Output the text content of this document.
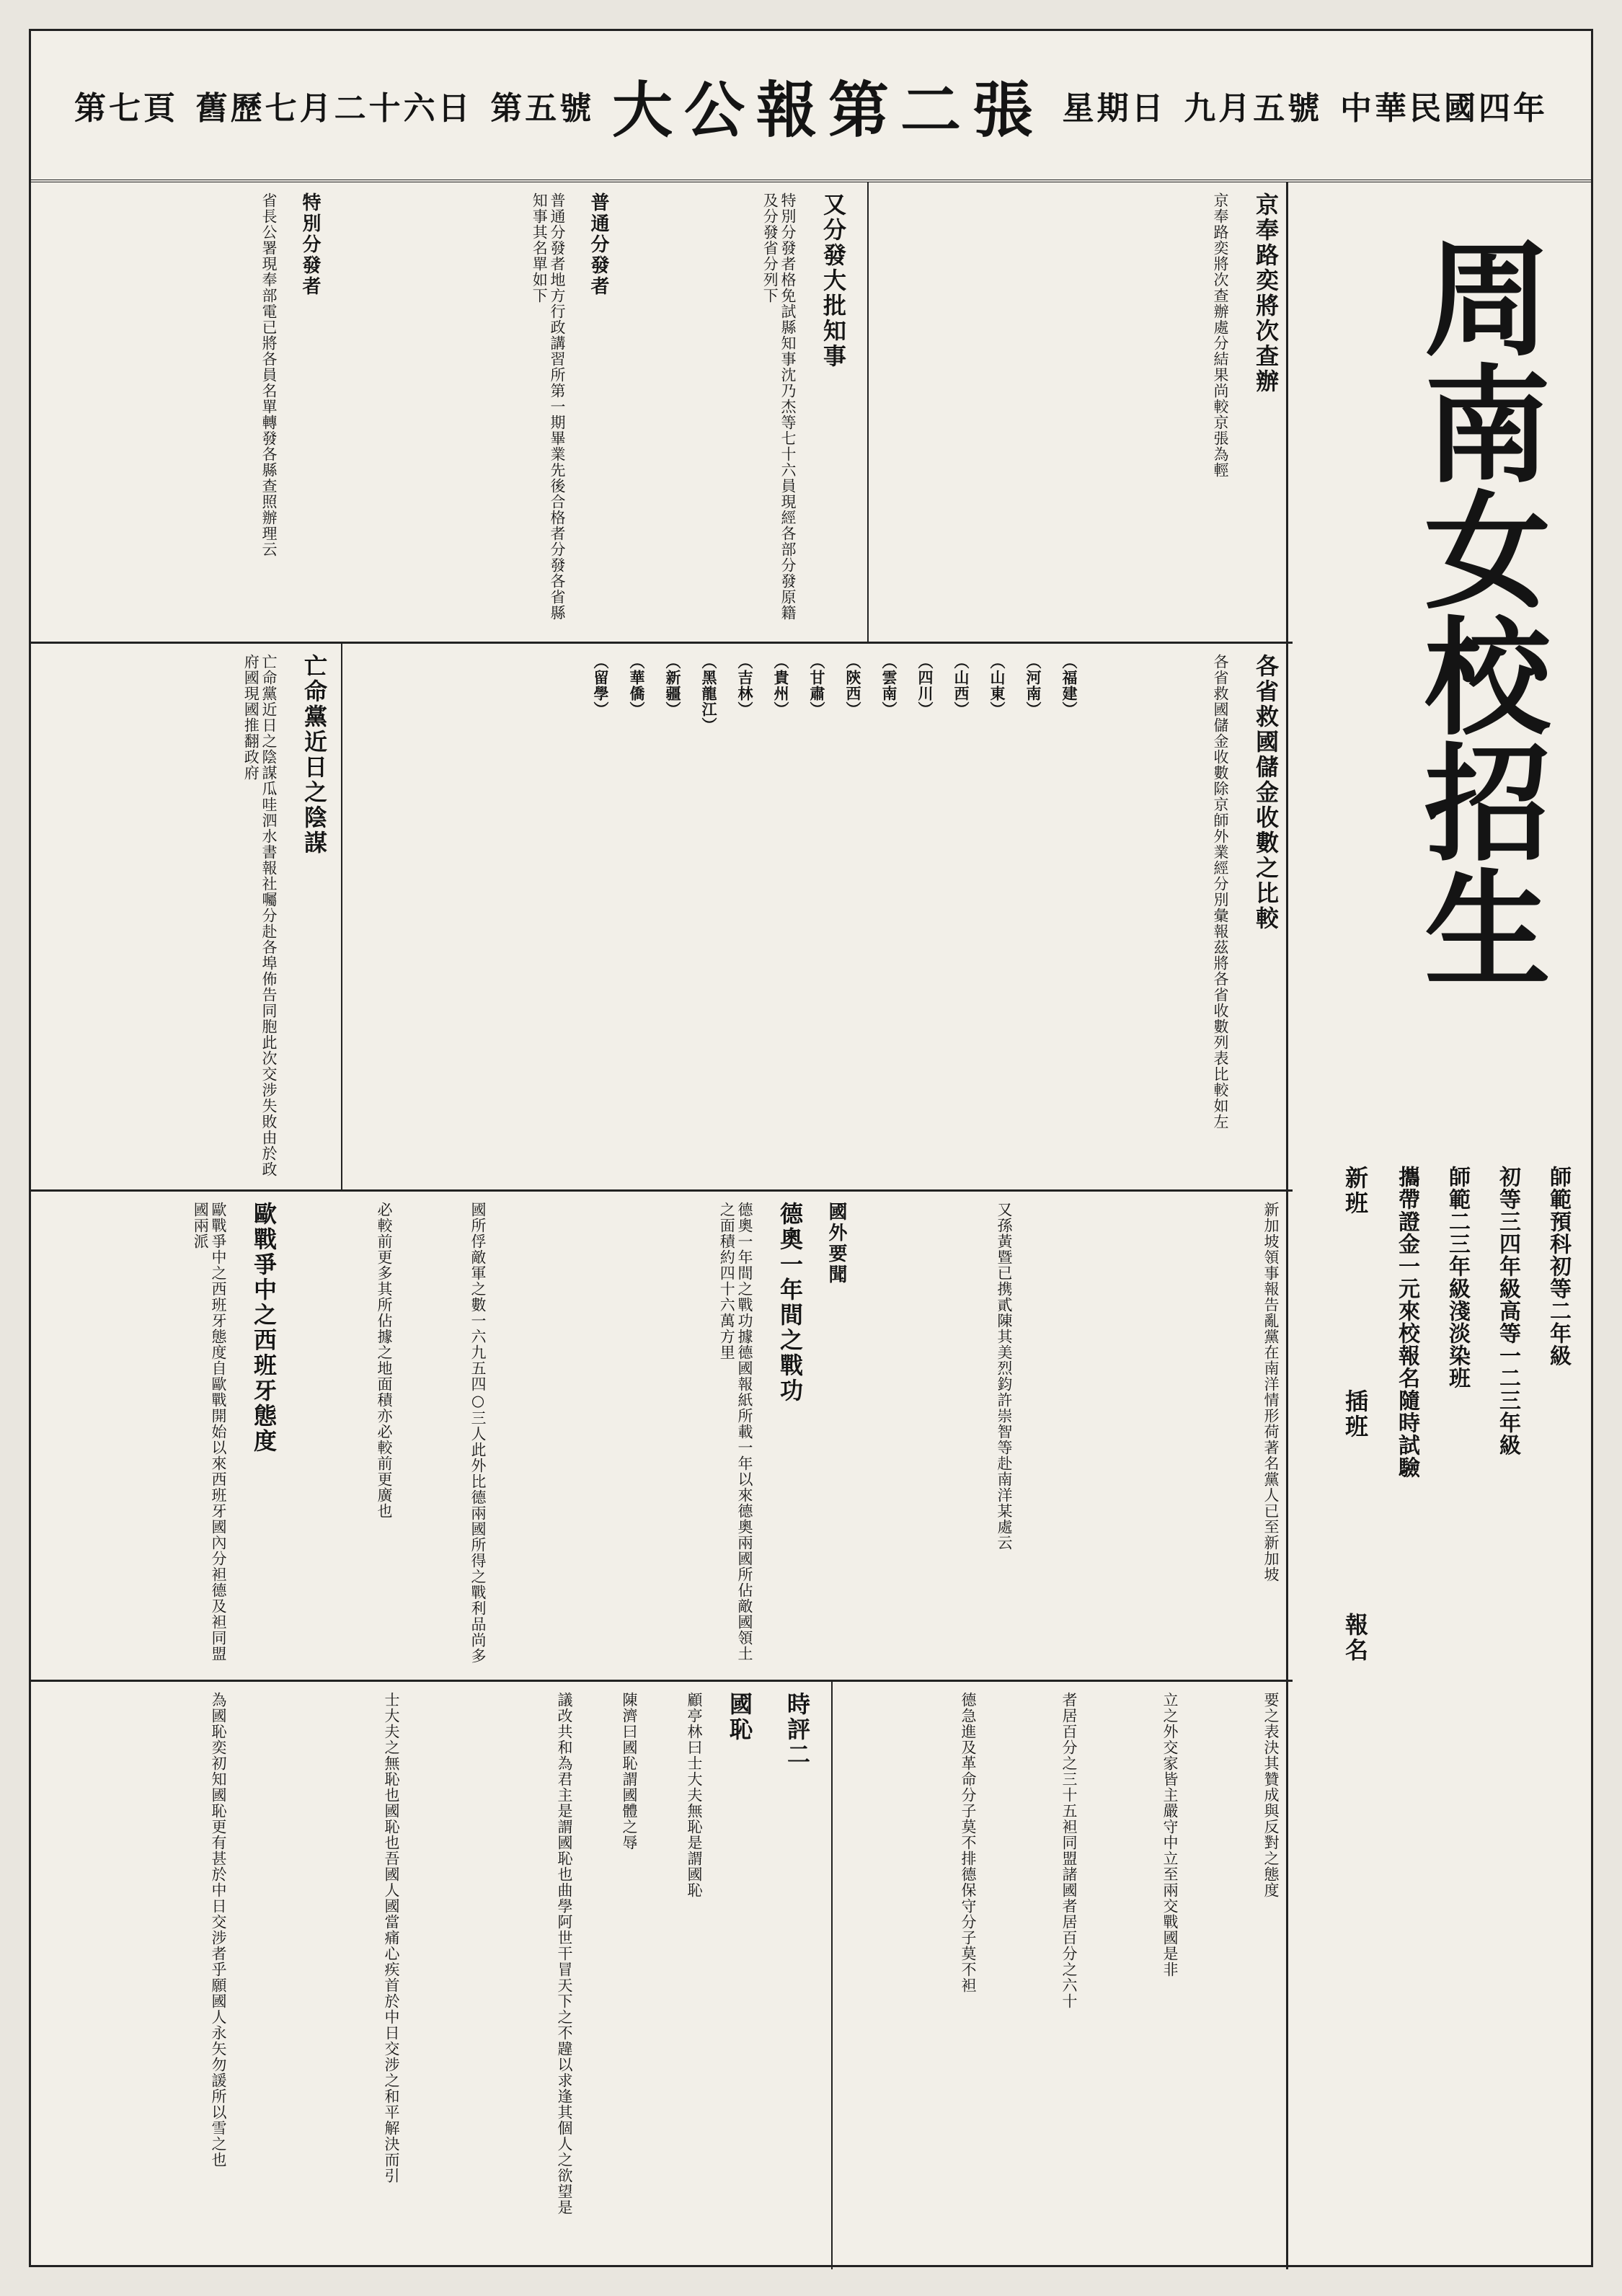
第七頁 舊歷七月二十六日 第五號 大公報第二張 星期日 九月五號 中華民國四年
京奉路奕將次查辦
京奉路奕將次查辦處分結果尚較京張為輕
又分發大批知事
特別分發者格免試縣知事沈乃杰等七十六員現經各部分發原籍及分發省分列下
普通分發者
普通分發者地方行政講習所第一期畢業先後合格者分發各省縣知事其名單如下
特別分發者
省長公署現奉部電已將各員名單轉發各縣查照辦理云
各省救國儲金收數之比較
各省救國儲金收數除京師外業經分別彙報茲將各省收數列表比較如左
（福建）
（河南）
（山東）
（山西）
（四川）
（雲南）
（陝西）
（甘肅）
（貴州）
（吉林）
（黑龍江）
（新疆）
（華僑）
（留學）
亡命黨近日之陰謀
亡命黨近日之陰謀瓜哇泗水書報社囑分赴各埠佈告同胞此次交涉失敗由於政府國現國推翻政府
新加坡領事報告亂黨在南洋情形荷著名黨人已至新加坡
又孫黃暨已携貳陳其美烈鈞許崇智等赴南洋某處云
國外要聞
德奧一年間之戰功
德奧一年間之戰功據德國報紙所載一年以來德奧兩國所佔敵國領土之面積約四十六萬方里
國所俘敵軍之數一六九五四○三人此外比德兩國所得之戰利品尚多
必較前更多其所佔據之地面積亦必較前更廣也
歐戰爭中之西班牙態度
歐戰爭中之西班牙態度自歐戰開始以來西班牙國內分袒德及袒同盟國兩派
要之表決其贊成與反對之態度
立之外交家皆主嚴守中立至兩交戰國是非
者居百分之三十五袒同盟諸國者居百分之六十
德急進及革命分子莫不排德保守分子莫不袒
時評二
國恥
顧亭林曰士大夫無恥是謂國恥
陳濟曰國恥謂國體之辱
議改共和為君主是謂國恥也曲學阿世干冒天下之不韙以求逢其個人之欲望是
士大夫之無恥也國恥也吾國人國當痛心疾首於中日交涉之和平解決而引
為國恥奕初知國恥更有甚於中日交涉者乎願國人永矢勿諼所以雪之也
周南女校招生
師範預科初等二年級
初等三四年級高等一二三年級
師範二三年級淺淡染班
攜帶證金一元來校報名隨時試驗
新班
插班
報名
